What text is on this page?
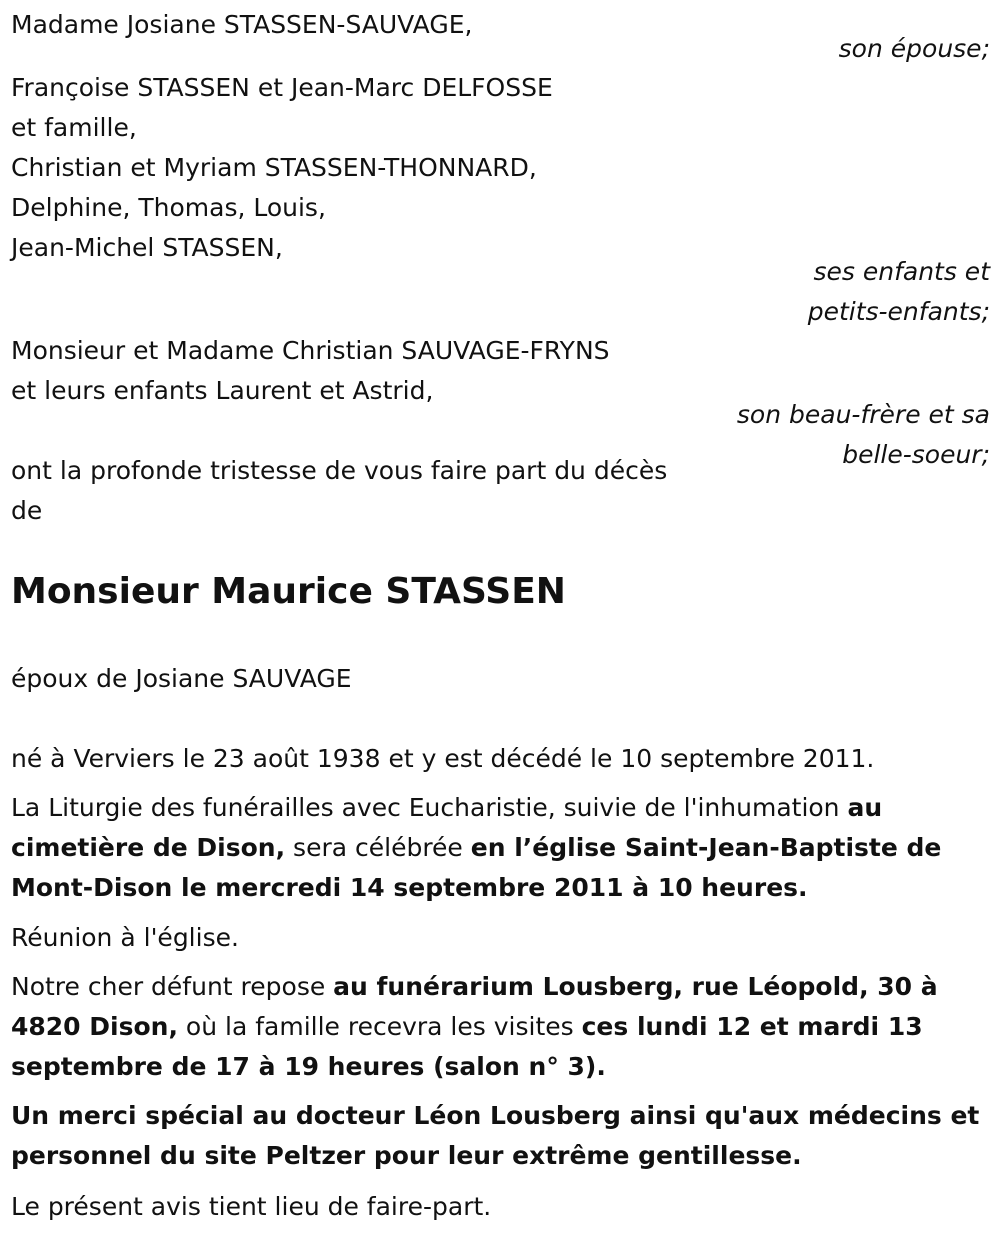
Madame Josiane STASSEN-SAUVAGE,
son épouse;
Françoise STASSEN et Jean-Marc DELFOSSE
et famille,
Christian et Myriam STASSEN-THONNARD,
Delphine, Thomas, Louis,
Jean-Michel STASSEN,
ses enfants et
petits-enfants;
Monsieur et Madame Christian SAUVAGE-FRYNS
et leurs enfants Laurent et Astrid,
son beau-frère et sa
belle-soeur;
ont la profonde tristesse de vous faire part du décès
de
Monsieur Maurice STASSEN
époux de Josiane SAUVAGE
né à Verviers le 23 août 1938 et y est décédé le 10 septembre 2011.
La Liturgie des funérailles avec Eucharistie, suivie de l'inhumation au cimetière de Dison, sera célébrée en l’église Saint-Jean-Baptiste de Mont-Dison le mercredi 14 septembre 2011 à 10 heures.
Réunion à l'église.
Notre cher défunt repose au funérarium Lousberg, rue Léopold, 30 à 4820 Dison, où la famille recevra les visites ces lundi 12 et mardi 13 septembre de 17 à 19 heures (salon n° 3).
Un merci spécial au docteur Léon Lousberg ainsi qu'aux médecins et personnel du site Peltzer pour leur extrême gentillesse.
Le présent avis tient lieu de faire-part.
